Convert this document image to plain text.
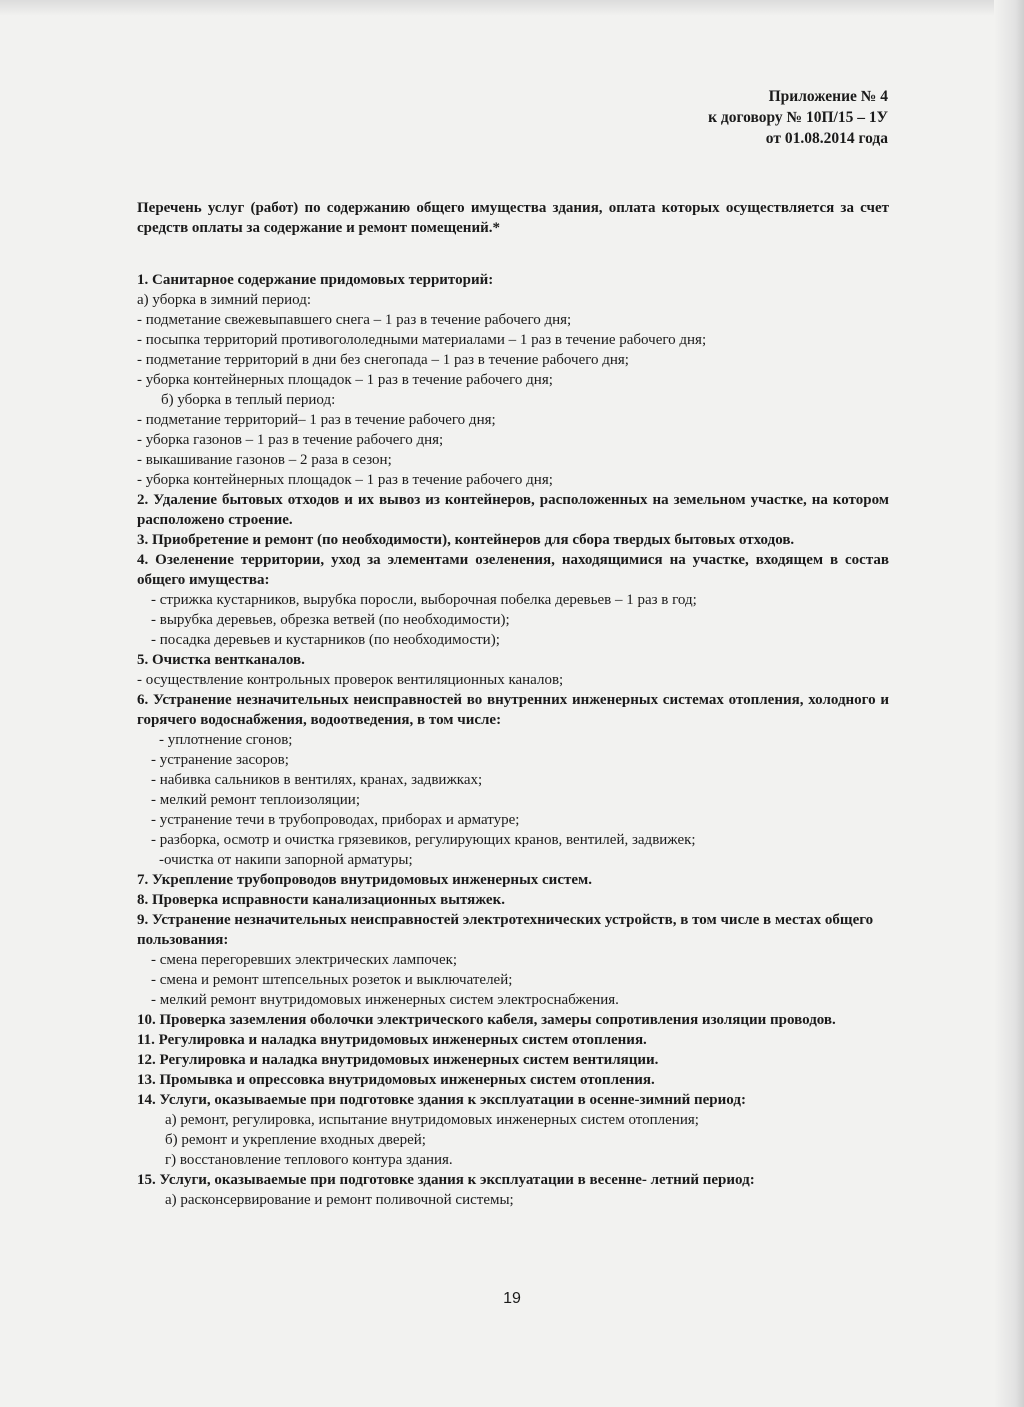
Приложение № 4
к договору № 10П/15 – 1У
от 01.08.2014 года

Перечень услуг (работ) по содержанию общего имущества здания, оплата которых осуществляется за счет средств оплаты за содержание и ремонт помещений.*

1. Санитарное содержание придомовых территорий:

а) уборка в зимний период:

- подметание свежевыпавшего снега – 1 раз в течение рабочего дня;

- посыпка территорий противогололедными материалами – 1 раз в течение рабочего дня;

- подметание территорий в дни без снегопада – 1 раз в течение рабочего дня;

- уборка контейнерных площадок – 1 раз в течение рабочего дня;

б) уборка в теплый период:

- подметание территорий– 1 раз в течение рабочего дня;

- уборка газонов – 1 раз в течение рабочего дня;

- выкашивание газонов – 2 раза в сезон;

- уборка контейнерных площадок – 1 раз в течение рабочего дня;

2. Удаление бытовых отходов и их вывоз из контейнеров, расположенных на земельном участке, на котором расположено строение.

3. Приобретение и ремонт (по необходимости), контейнеров для сбора твердых бытовых отходов.

4. Озеленение территории, уход за элементами озеленения, находящимися на участке, входящем в состав общего имущества:

- стрижка кустарников, вырубка поросли, выборочная побелка деревьев – 1 раз в год;

- вырубка деревьев, обрезка ветвей (по необходимости);

- посадка деревьев и кустарников (по необходимости);

5. Очистка вентканалов.

- осуществление контрольных проверок вентиляционных каналов;

6. Устранение незначительных неисправностей во внутренних инженерных системах отопления, холодного и горячего водоснабжения, водоотведения, в том числе:

- уплотнение сгонов;

- устранение засоров;

- набивка сальников в вентилях, кранах, задвижках;

- мелкий ремонт теплоизоляции;

- устранение течи в трубопроводах, приборах и арматуре;

- разборка, осмотр и очистка грязевиков, регулирующих кранов, вентилей, задвижек;

-очистка от накипи запорной арматуры;

7. Укрепление трубопроводов внутридомовых инженерных систем.

8. Проверка исправности канализационных вытяжек.

9. Устранение незначительных неисправностей электротехнических устройств, в том числе в местах общего пользования:

- смена перегоревших электрических лампочек;

- смена и ремонт штепсельных розеток и выключателей;

- мелкий ремонт внутридомовых инженерных систем электроснабжения.

10. Проверка заземления оболочки электрического кабеля, замеры сопротивления изоляции проводов.

11. Регулировка и наладка внутридомовых инженерных систем отопления.

12. Регулировка и наладка внутридомовых инженерных систем вентиляции.

13. Промывка и опрессовка внутридомовых инженерных систем отопления.

14. Услуги, оказываемые при подготовке здания к эксплуатации в осенне-зимний период:

а) ремонт, регулировка, испытание внутридомовых инженерных систем отопления;

б) ремонт и укрепление входных дверей;

г) восстановление теплового контура здания.

15. Услуги, оказываемые при подготовке здания к эксплуатации в весенне- летний период:

а) расконсервирование и ремонт поливочной системы;

19
